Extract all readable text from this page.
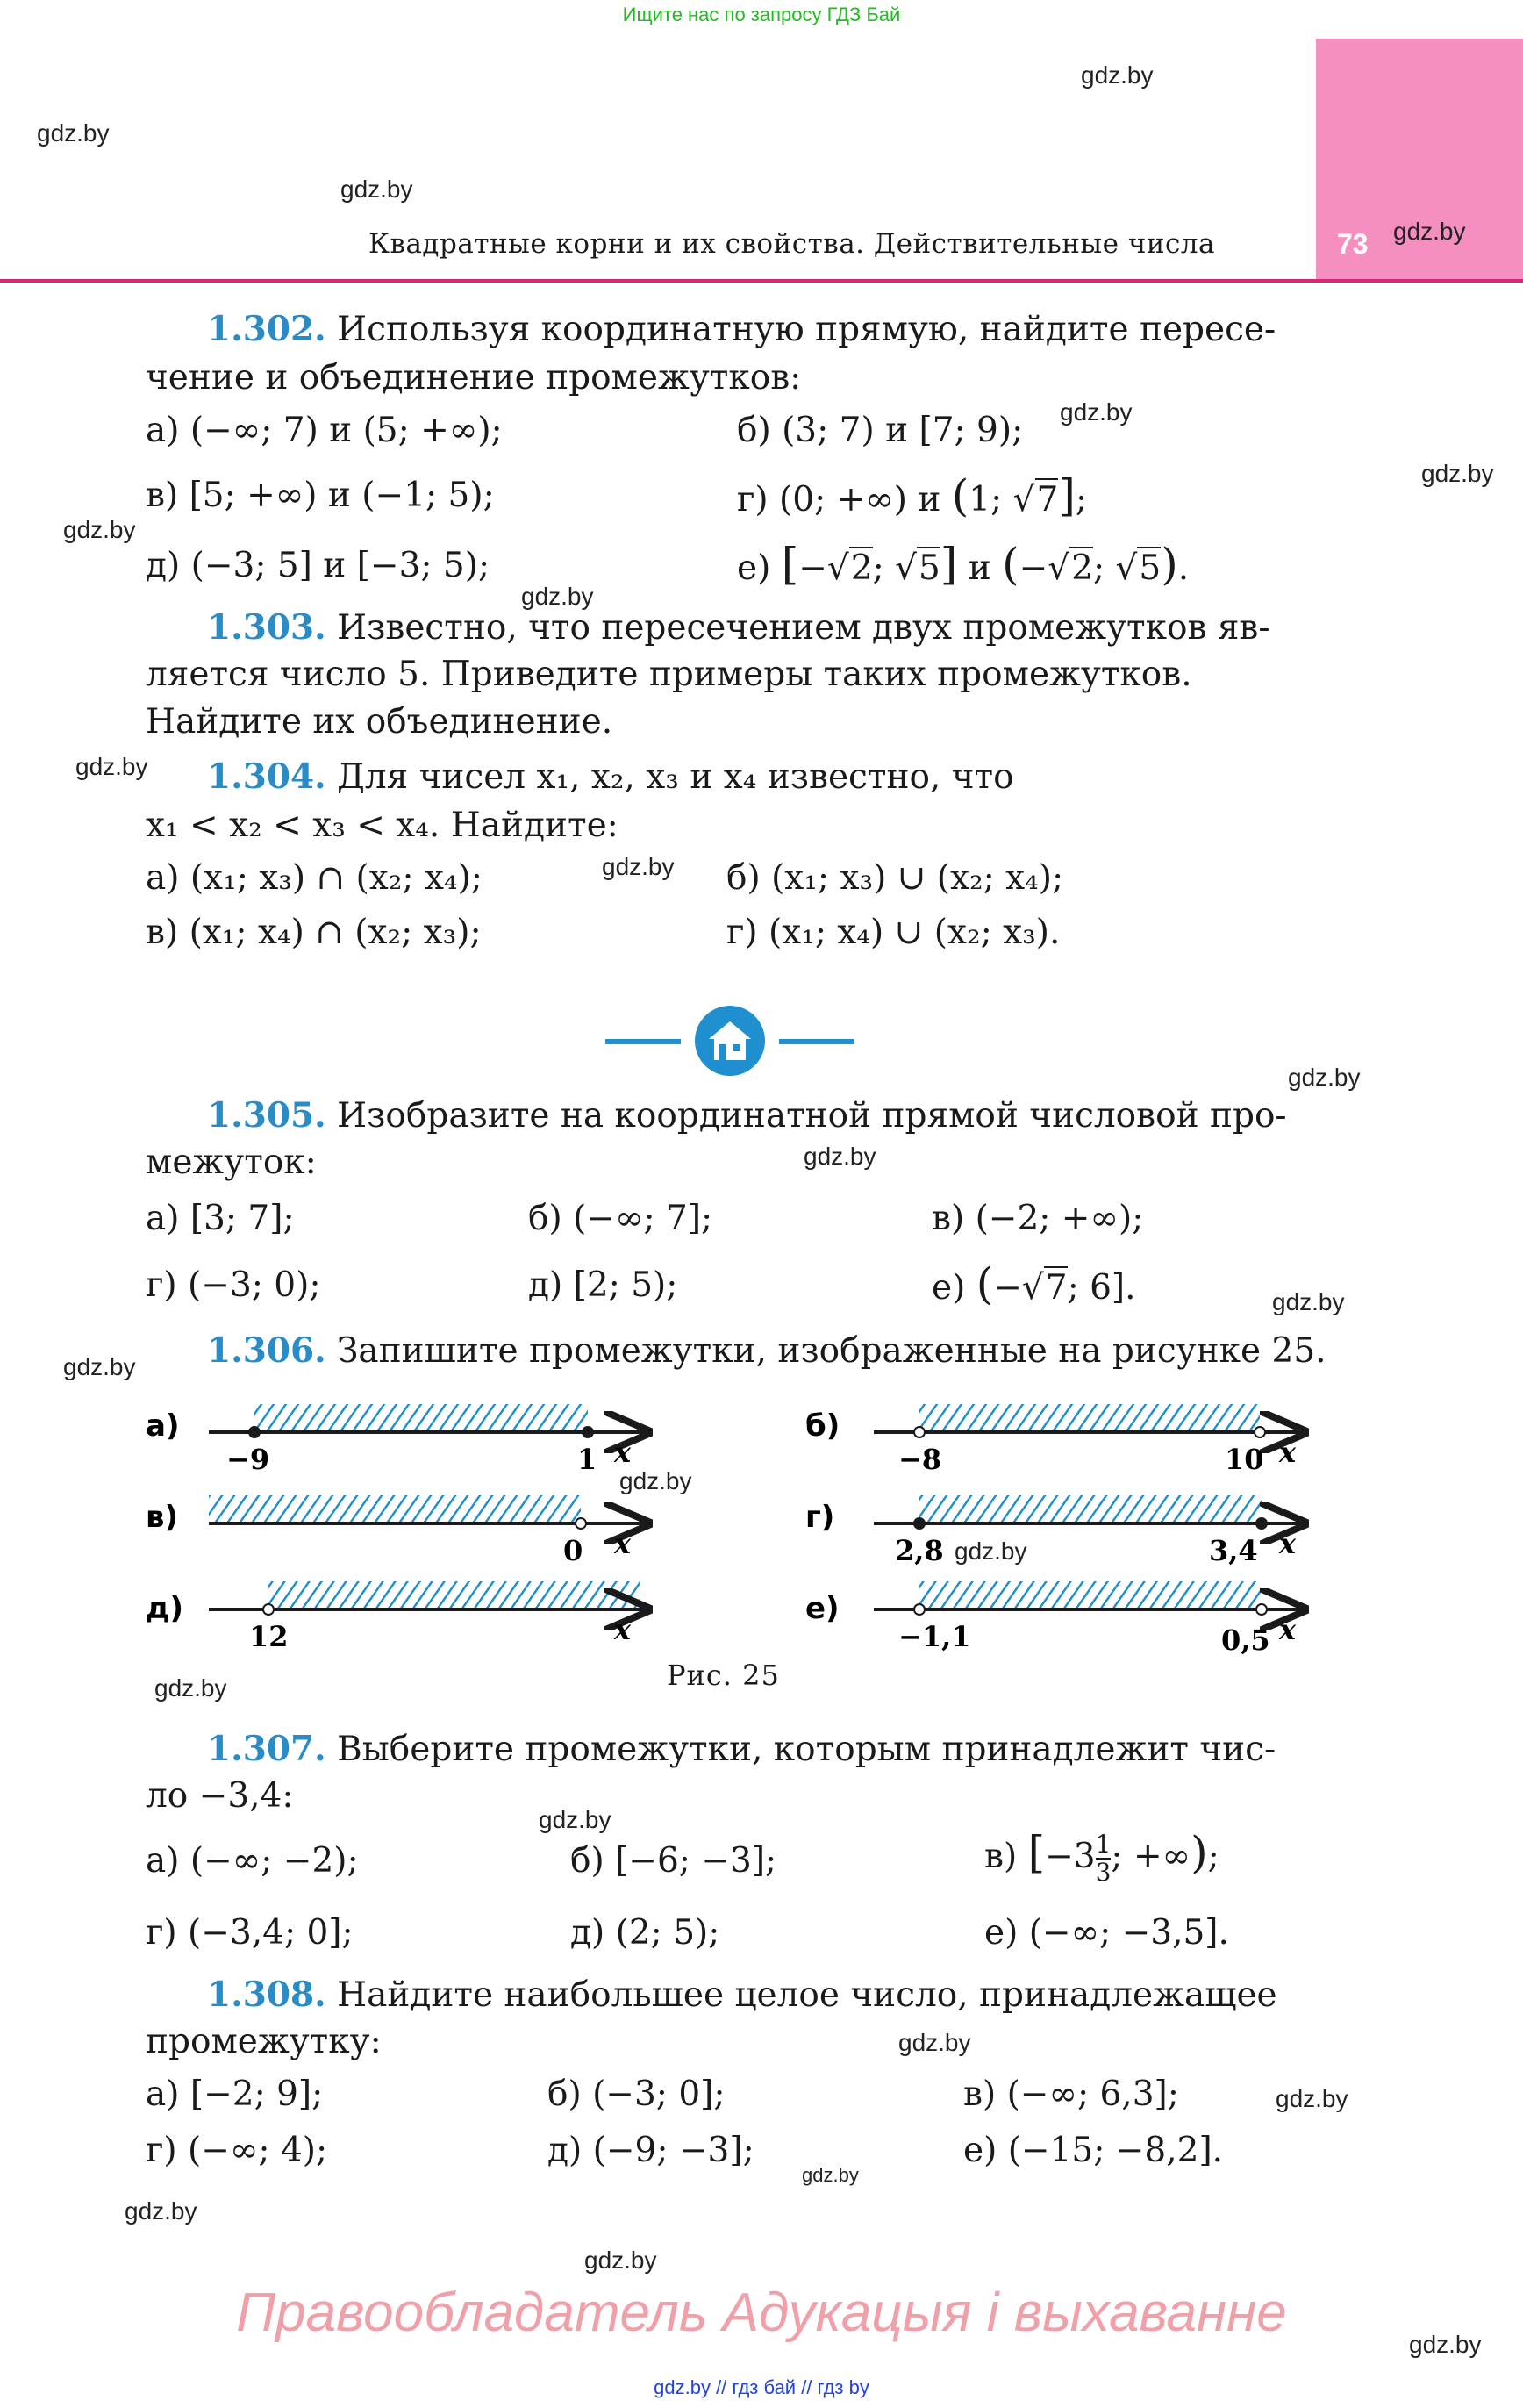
Ищите нас по запросу ГДЗ Бай
73
Квадратные корни и их свойства. Действительные числа
gdz.by
gdz.by
gdz.by
gdz.by
gdz.by
gdz.by
gdz.by
gdz.by
gdz.by
gdz.by
gdz.by
gdz.by
gdz.by
gdz.by
gdz.by
gdz.by
gdz.by
gdz.by
gdz.by
gdz.by
gdz.by
gdz.by
gdz.by
gdz.by
1.302. Используя координатную прямую, найдите пересе-
чение и объединение промежутков:
а) (−∞; 7) и (5; +∞);	б) (3; 7) и [7; 9);
в) [5; +∞) и (−1; 5);	г) (0; +∞) и (1; √7];
д) (−3; 5] и [−3; 5);	е) [−√2; √5] и (−√2; √5).
1.303. Известно, что пересечением двух промежутков яв-
ляется число 5. Приведите примеры таких промежутков.
Найдите их объединение.
1.304. Для чисел x₁, x₂, x₃ и x₄ известно, что
x₁ < x₂ < x₃ < x₄. Найдите:
а) (x₁; x₃) ∩ (x₂; x₄);	б) (x₁; x₃) ∪ (x₂; x₄);
в) (x₁; x₄) ∩ (x₂; x₃);	г) (x₁; x₄) ∪ (x₂; x₃).
1.305. Изобразите на координатной прямой числовой про-
межуток:
а) [3; 7];	б) (−∞; 7];	в) (−2; +∞);
г) (−3; 0);	д) [2; 5);	е) (−√7; 6].
1.306. Запишите промежутки, изображенные на рисунке 25.
а)
−9	1 x
б)
−8	10 x
в)
0 x
г)
2,8	3,4 x
д)
12	x
е)
−1,1	0,5 x
Рис. 25
1.307. Выберите промежутки, которым принадлежит чис-
ло −3,4:
а) (−∞; −2);	б) [−6; −3];	в) [$-3 \frac{1}{3}$ ; +∞);
г) (−3,4; 0];	д) (2; 5);	е) (−∞; −3,5].
1.308. Найдите наибольшее целое число, принадлежащее
промежутку:
а) [−2; 9];	б) (−3; 0];	в) (−∞; 6,3];
г) (−∞; 4);	д) (−9; −3];	е) (−15; −8,2].
Правообладатель Адукацыя і выхаванне
gdz.by // гдз бай // гдз by
